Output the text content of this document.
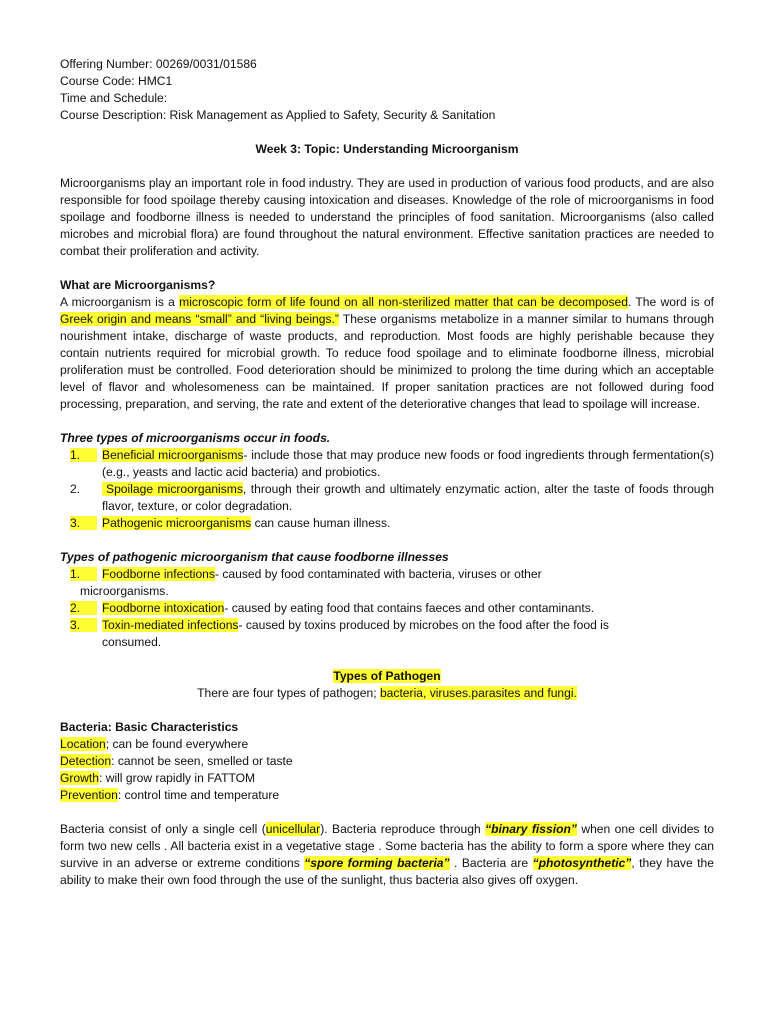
Offering Number: 00269/0031/01586

Course Code: HMC1

Time and Schedule:

Course Description: Risk Management as Applied to Safety, Security & Sanitation

Week 3: Topic: Understanding Microorganism

Microorganisms play an important role in food industry. They are used in production of various food products, and are also responsible for food spoilage thereby causing intoxication and diseases. Knowledge of the role of microorganisms in food spoilage and foodborne illness is needed to understand the principles of food sanitation. Microorganisms (also called microbes and microbial flora) are found throughout the natural environment. Effective sanitation practices are needed to combat their proliferation and activity.

What are Microorganisms?

A microorganism is a microscopic form of life found on all non-sterilized matter that can be decomposed. The word is of Greek origin and means “small” and “living beings.” These organisms metabolize in a manner similar to humans through nourishment intake, discharge of waste products, and reproduction. Most foods are highly perishable because they contain nutrients required for microbial growth. To reduce food spoilage and to eliminate foodborne illness, microbial proliferation must be controlled. Food deterioration should be minimized to prolong the time during which an acceptable level of flavor and wholesomeness can be maintained. If proper sanitation practices are not followed during food processing, preparation, and serving, the rate and extent of the deteriorative changes that lead to spoilage will increase.

Three types of microorganisms occur in foods.

1.	Beneficial microorganisms- include those that may produce new foods or food ingredients through fermentation(s) (e.g., yeasts and lactic acid bacteria) and probiotics.
2.	Spoilage microorganisms, through their growth and ultimately enzymatic action, alter the taste of foods through flavor, texture, or color degradation.
3.	Pathogenic microorganisms can cause human illness.

Types of pathogenic microorganism that cause foodborne illnesses

1.	Foodborne infections- caused by food contaminated with bacteria, viruses or other

microorganisms.

2.	Foodborne intoxication- caused by eating food that contains faeces and other contaminants.
3.	Toxin-mediated infections- caused by toxins produced by microbes on the food after the food is

consumed.

Types of Pathogen

There are four types of pathogen; bacteria, viruses.parasites and fungi.

Bacteria: Basic Characteristics

Location; can be found everywhere

Detection: cannot be seen, smelled or taste

Growth: will grow rapidly in FATTOM

Prevention: control time and temperature

Bacteria consist of only a single cell (unicellular). Bacteria reproduce through “binary fission” when one cell divides to form two new cells . All bacteria exist in a vegetative stage . Some bacteria has the ability to form a spore where they can survive in an adverse or extreme conditions “spore forming bacteria” . Bacteria are “photosynthetic”, they have the ability to make their own food through the use of the sunlight, thus bacteria also gives off oxygen.
